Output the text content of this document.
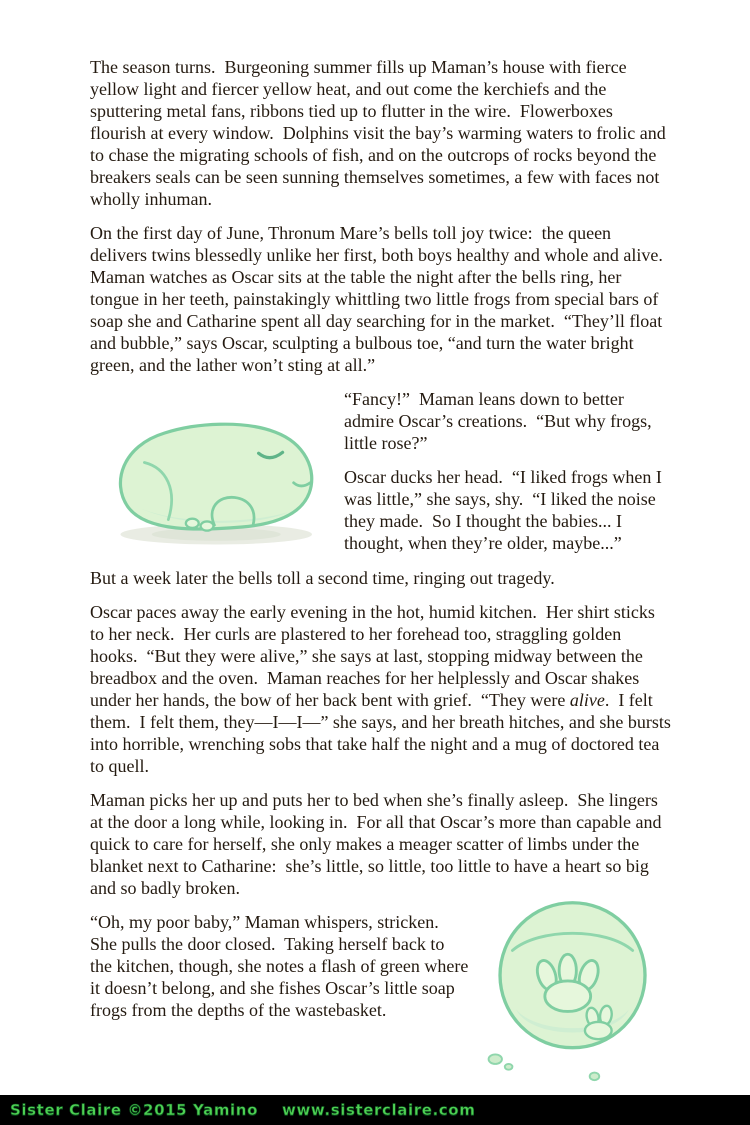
The season turns.  Burgeoning summer fills up Maman’s house with fierce yellow light and fiercer yellow heat, and out come the kerchiefs and the sputtering metal fans, ribbons tied up to flutter in the wire.  Flowerboxes flourish at every window.  Dolphins visit the bay’s warming waters to frolic and to chase the migrating schools of fish, and on the outcrops of rocks beyond the breakers seals can be seen sunning themselves sometimes, a few with faces not wholly inhuman.

On the first day of June, Thronum Mare’s bells toll joy twice:  the queen delivers twins blessedly unlike her first, both boys healthy and whole and alive.  Maman watches as Oscar sits at the table the night after the bells ring, her tongue in her teeth, painstakingly whittling two little frogs from special bars of soap she and Catharine spent all day searching for in the market.  “They’ll float and bubble,” says Oscar, sculpting a bulbous toe, “and turn the water bright green, and the lather won’t sting at all.”

“Fancy!”  Maman leans down to better admire Oscar’s creations.  “But why frogs, little rose?”

Oscar ducks her head.  “I liked frogs when I was little,” she says, shy.  “I liked the noise they made.  So I thought the babies... I thought, when they’re older, maybe...”

But a week later the bells toll a second time, ringing out tragedy.

Oscar paces away the early evening in the hot, humid kitchen.  Her shirt sticks to her neck.  Her curls are plastered to her forehead too, straggling golden hooks.  “But they were alive,” she says at last, stopping midway between the breadbox and the oven.  Maman reaches for her helplessly and Oscar shakes under her hands, the bow of her back bent with grief.  “They were alive.  I felt them.  I felt them, they—I—I—” she says, and her breath hitches, and she bursts into horrible, wrenching sobs that take half the night and a mug of doctored tea to quell.

Maman picks her up and puts her to bed when she’s finally asleep.  She lingers at the door a long while, looking in.  For all that Oscar’s more than capable and quick to care for herself, she only makes a meager scatter of limbs under the blanket next to Catharine:  she’s little, so little, too little to have a heart so big and so badly broken.

“Oh, my poor baby,” Maman whispers, stricken.  She pulls the door closed.  Taking herself back to the kitchen, though, she notes a flash of green where it doesn’t belong, and she fishes Oscar’s little soap frogs from the depths of the wastebasket.

Sister Claire ©2015 Yamino www.sisterclaire.com
